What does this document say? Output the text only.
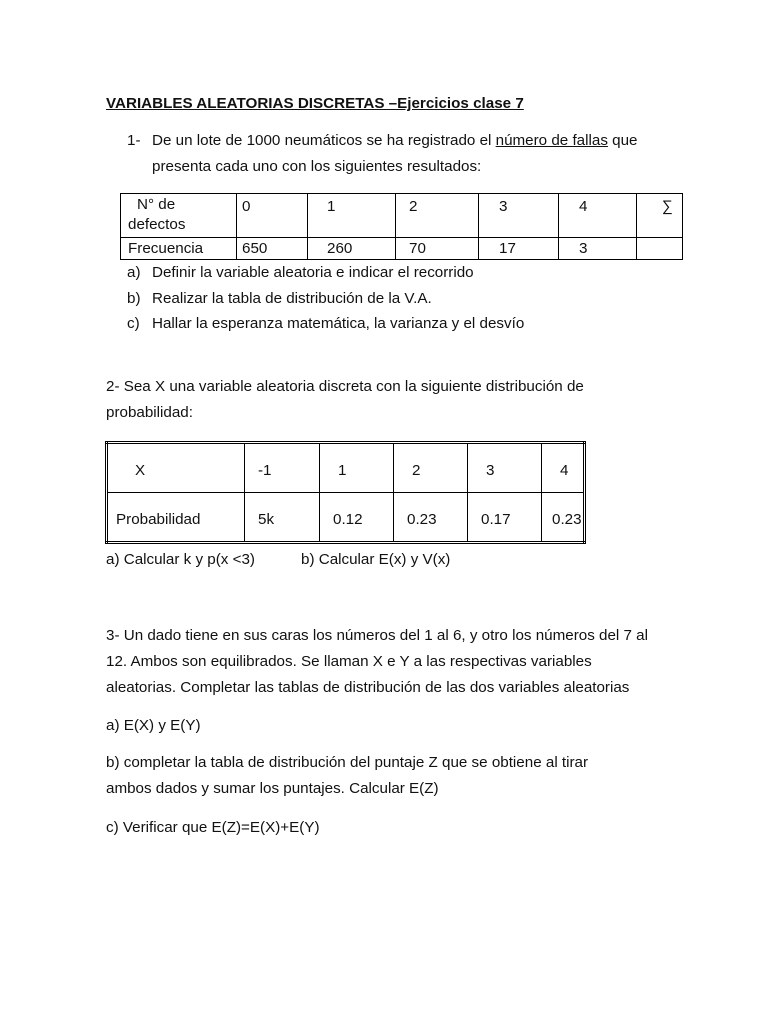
VARIABLES ALEATORIAS DISCRETAS –Ejercicios clase 7
1- De un lote de 1000 neumáticos se ha registrado el número de fallas que
presenta cada uno con los siguientes resultados:
N° de
defectos	0	1	2	3	4	∑
Frecuencia	650	260	70	17	3	
a) Definir la variable aleatoria e indicar el recorrido
b) Realizar la tabla de distribución de la V.A.
c) Hallar la esperanza matemática, la varianza y el desvío
2- Sea X una variable aleatoria discreta con la siguiente distribución de
probabilidad:
X	-1	1	2	3	4
Probabilidad	5k	0.12	0.23	0.17	0.23
a) Calcular k y p(x <3)	b) Calcular E(x) y V(x)
3- Un dado tiene en sus caras los números del 1 al 6, y otro los números del 7 al
12. Ambos son equilibrados. Se llaman X e Y a las respectivas variables
aleatorias. Completar las tablas de distribución de las dos variables aleatorias
a) E(X) y E(Y)
b) completar la tabla de distribución del puntaje Z que se obtiene al tirar
ambos dados y sumar los puntajes. Calcular E(Z)
c) Verificar que E(Z)=E(X)+E(Y)
